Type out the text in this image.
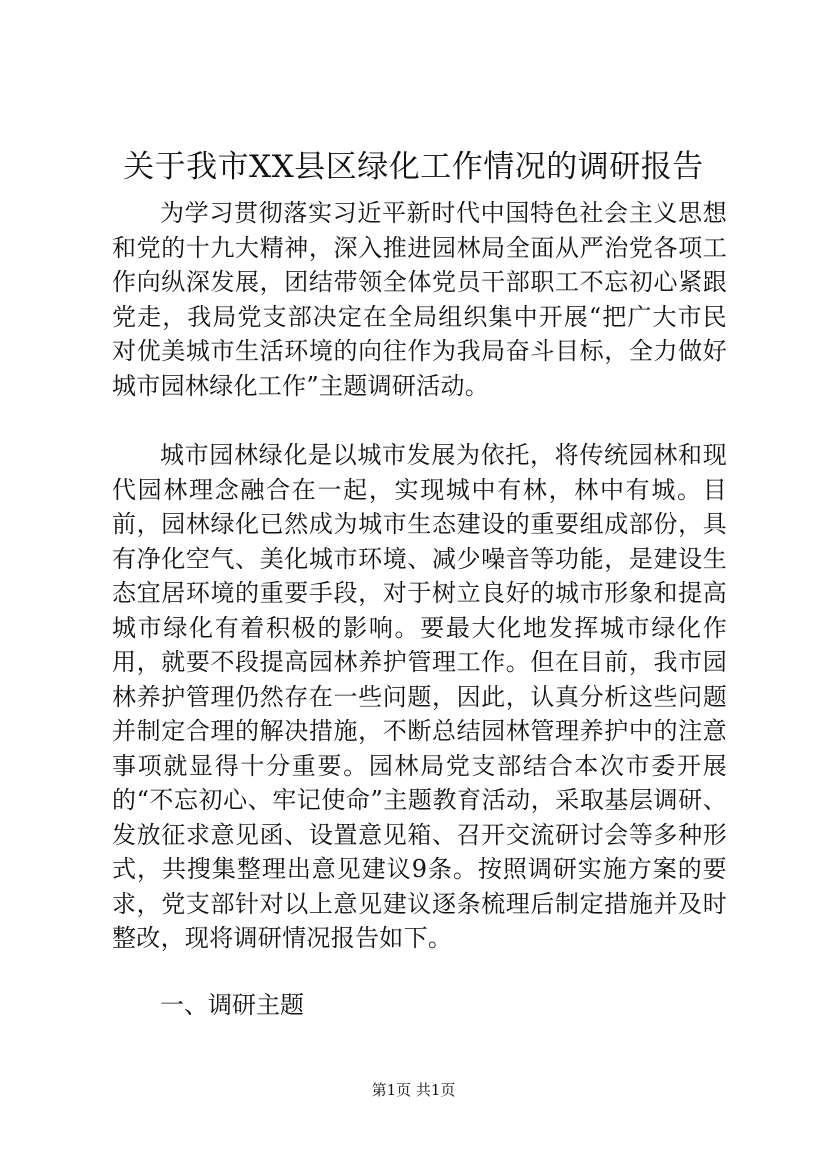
关于我市XX县区绿化工作情况的调研报告

为学习贯彻落实习近平新时代中国特色社会主义思想和党的十九大精神，深入推进园林局全面从严治党各项工作向纵深发展，团结带领全体党员干部职工不忘初心紧跟党走，我局党支部决定在全局组织集中开展“把广大市民对优美城市生活环境的向往作为我局奋斗目标，全力做好城市园林绿化工作”主题调研活动。

城市园林绿化是以城市发展为依托，将传统园林和现代园林理念融合在一起，实现城中有林，林中有城。目前，园林绿化已然成为城市生态建设的重要组成部份，具有净化空气、美化城市环境、减少噪音等功能，是建设生态宜居环境的重要手段，对于树立良好的城市形象和提高城市绿化有着积极的影响。要最大化地发挥城市绿化作用，就要不段提高园林养护管理工作。但在目前，我市园林养护管理仍然存在一些问题，因此，认真分析这些问题并制定合理的解决措施，不断总结园林管理养护中的注意事项就显得十分重要。园林局党支部结合本次市委开展的“不忘初心、牢记使命”主题教育活动，采取基层调研、发放征求意见函、设置意见箱、召开交流研讨会等多种形式，共搜集整理出意见建议9条。按照调研实施方案的要求，党支部针对以上意见建议逐条梳理后制定措施并及时整改，现将调研情况报告如下。

一、调研主题

第1页 共1页
